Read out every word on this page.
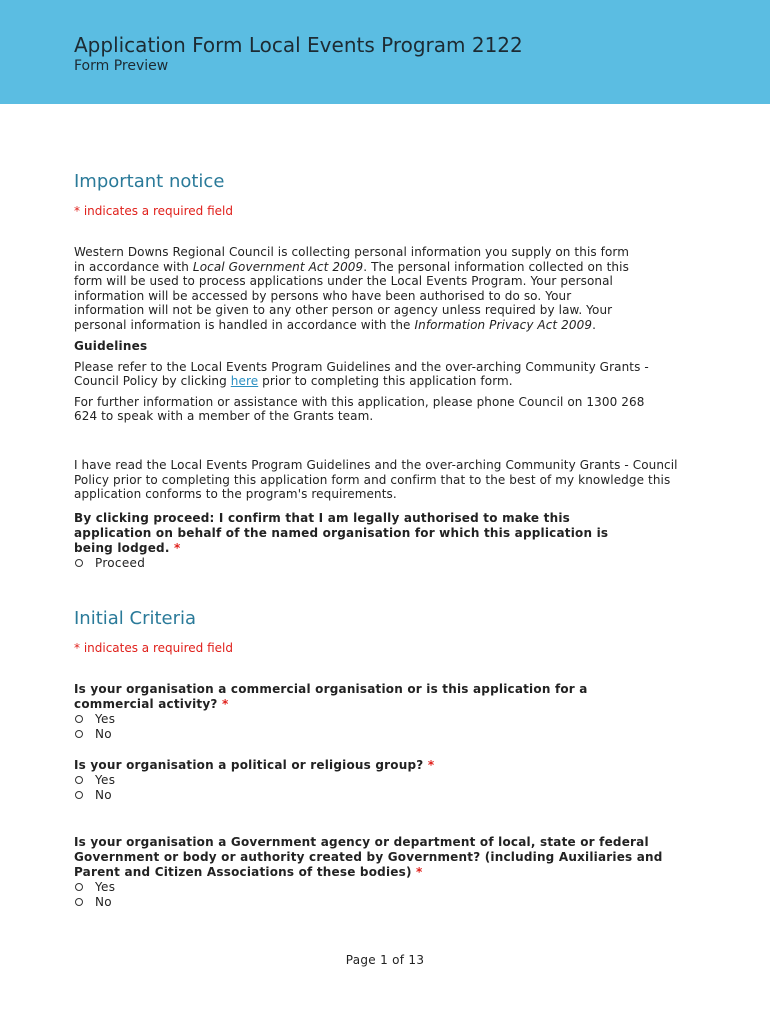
Application Form Local Events Program 2122
Form Preview
Important notice
* indicates a required field

Western Downs Regional Council is collecting personal information you supply on this form in accordance with Local Government Act 2009. The personal information collected on this form will be used to process applications under the Local Events Program. Your personal information will be accessed by persons who have been authorised to do so. Your information will not be given to any other person or agency unless required by law. Your personal information is handled in accordance with the Information Privacy Act 2009.

Guidelines

Please refer to the Local Events Program Guidelines and the over-arching Community Grants - Council Policy by clicking here prior to completing this application form.

For further information or assistance with this application, please phone Council on 1300 268 624 to speak with a member of the Grants team.

I have read the Local Events Program Guidelines and the over-arching Community Grants - Council Policy prior to completing this application form and confirm that to the best of my knowledge this application conforms to the program's requirements.

By clicking proceed: I confirm that I am legally authorised to make this application on behalf of the named organisation for which this application is being lodged. *
Proceed
Initial Criteria
* indicates a required field
Is your organisation a commercial organisation or is this application for a commercial activity? *
Yes
No
Is your organisation a political or religious group? *
Yes
No
Is your organisation a Government agency or department of local, state or federal Government or body or authority created by Government? (including Auxiliaries and Parent and Citizen Associations of these bodies) *
Yes
No
Page 1 of 13
